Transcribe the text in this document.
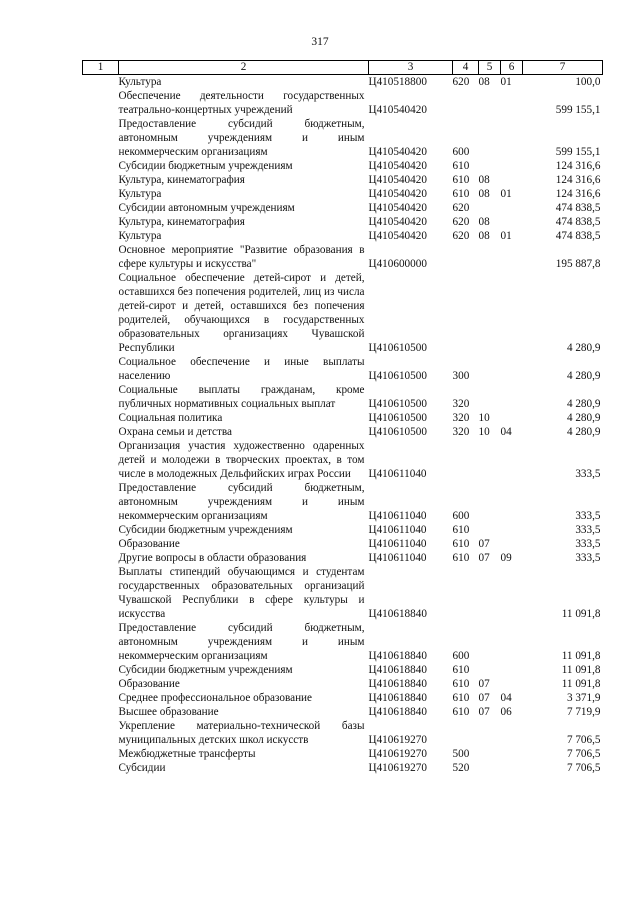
317
1	2	3	4	5	6	7
	Культура	Ц410518800	620	08	01	100,0
	Обеспечение деятельности государственных театрально-концертных учреждений	Ц410540420				599 155,1
	Предоставление субсидий бюджетным, автономным учреждениям и иным некоммерческим организациям	Ц410540420	600			599 155,1
	Субсидии бюджетным учреждениям	Ц410540420	610			124 316,6
	Культура, кинематография	Ц410540420	610	08		124 316,6
	Культура	Ц410540420	610	08	01	124 316,6
	Субсидии автономным учреждениям	Ц410540420	620			474 838,5
	Культура, кинематография	Ц410540420	620	08		474 838,5
	Культура	Ц410540420	620	08	01	474 838,5
	Основное мероприятие "Развитие образования в сфере культуры и искусства"	Ц410600000				195 887,8
	Социальное обеспечение детей-сирот и детей, оставшихся без попечения родителей, лиц из числа детей-сирот и детей, оставшихся без попечения родителей, обучающихся в государственных образовательных организациях Чувашской Республики	Ц410610500				4 280,9
	Социальное обеспечение и иные выплаты населению	Ц410610500	300			4 280,9
	Социальные выплаты гражданам, кроме публичных нормативных социальных выплат	Ц410610500	320			4 280,9
	Социальная политика	Ц410610500	320	10		4 280,9
	Охрана семьи и детства	Ц410610500	320	10	04	4 280,9
	Организация участия художественно одаренных детей и молодежи в творческих проектах, в том числе в молодежных Дельфийских играх России	Ц410611040				333,5
	Предоставление субсидий бюджетным, автономным учреждениям и иным некоммерческим организациям	Ц410611040	600			333,5
	Субсидии бюджетным учреждениям	Ц410611040	610			333,5
	Образование	Ц410611040	610	07		333,5
	Другие вопросы в области образования	Ц410611040	610	07	09	333,5
	Выплаты стипендий обучающимся и студентам государственных образовательных организаций Чувашской Республики в сфере культуры и искусства	Ц410618840				11 091,8
	Предоставление субсидий бюджетным, автономным учреждениям и иным некоммерческим организациям	Ц410618840	600			11 091,8
	Субсидии бюджетным учреждениям	Ц410618840	610			11 091,8
	Образование	Ц410618840	610	07		11 091,8
	Среднее профессиональное образование	Ц410618840	610	07	04	3 371,9
	Высшее образование	Ц410618840	610	07	06	7 719,9
	Укрепление материально-технической базы муниципальных детских школ искусств	Ц410619270				7 706,5
	Межбюджетные трансферты	Ц410619270	500			7 706,5
	Субсидии	Ц410619270	520			7 706,5
